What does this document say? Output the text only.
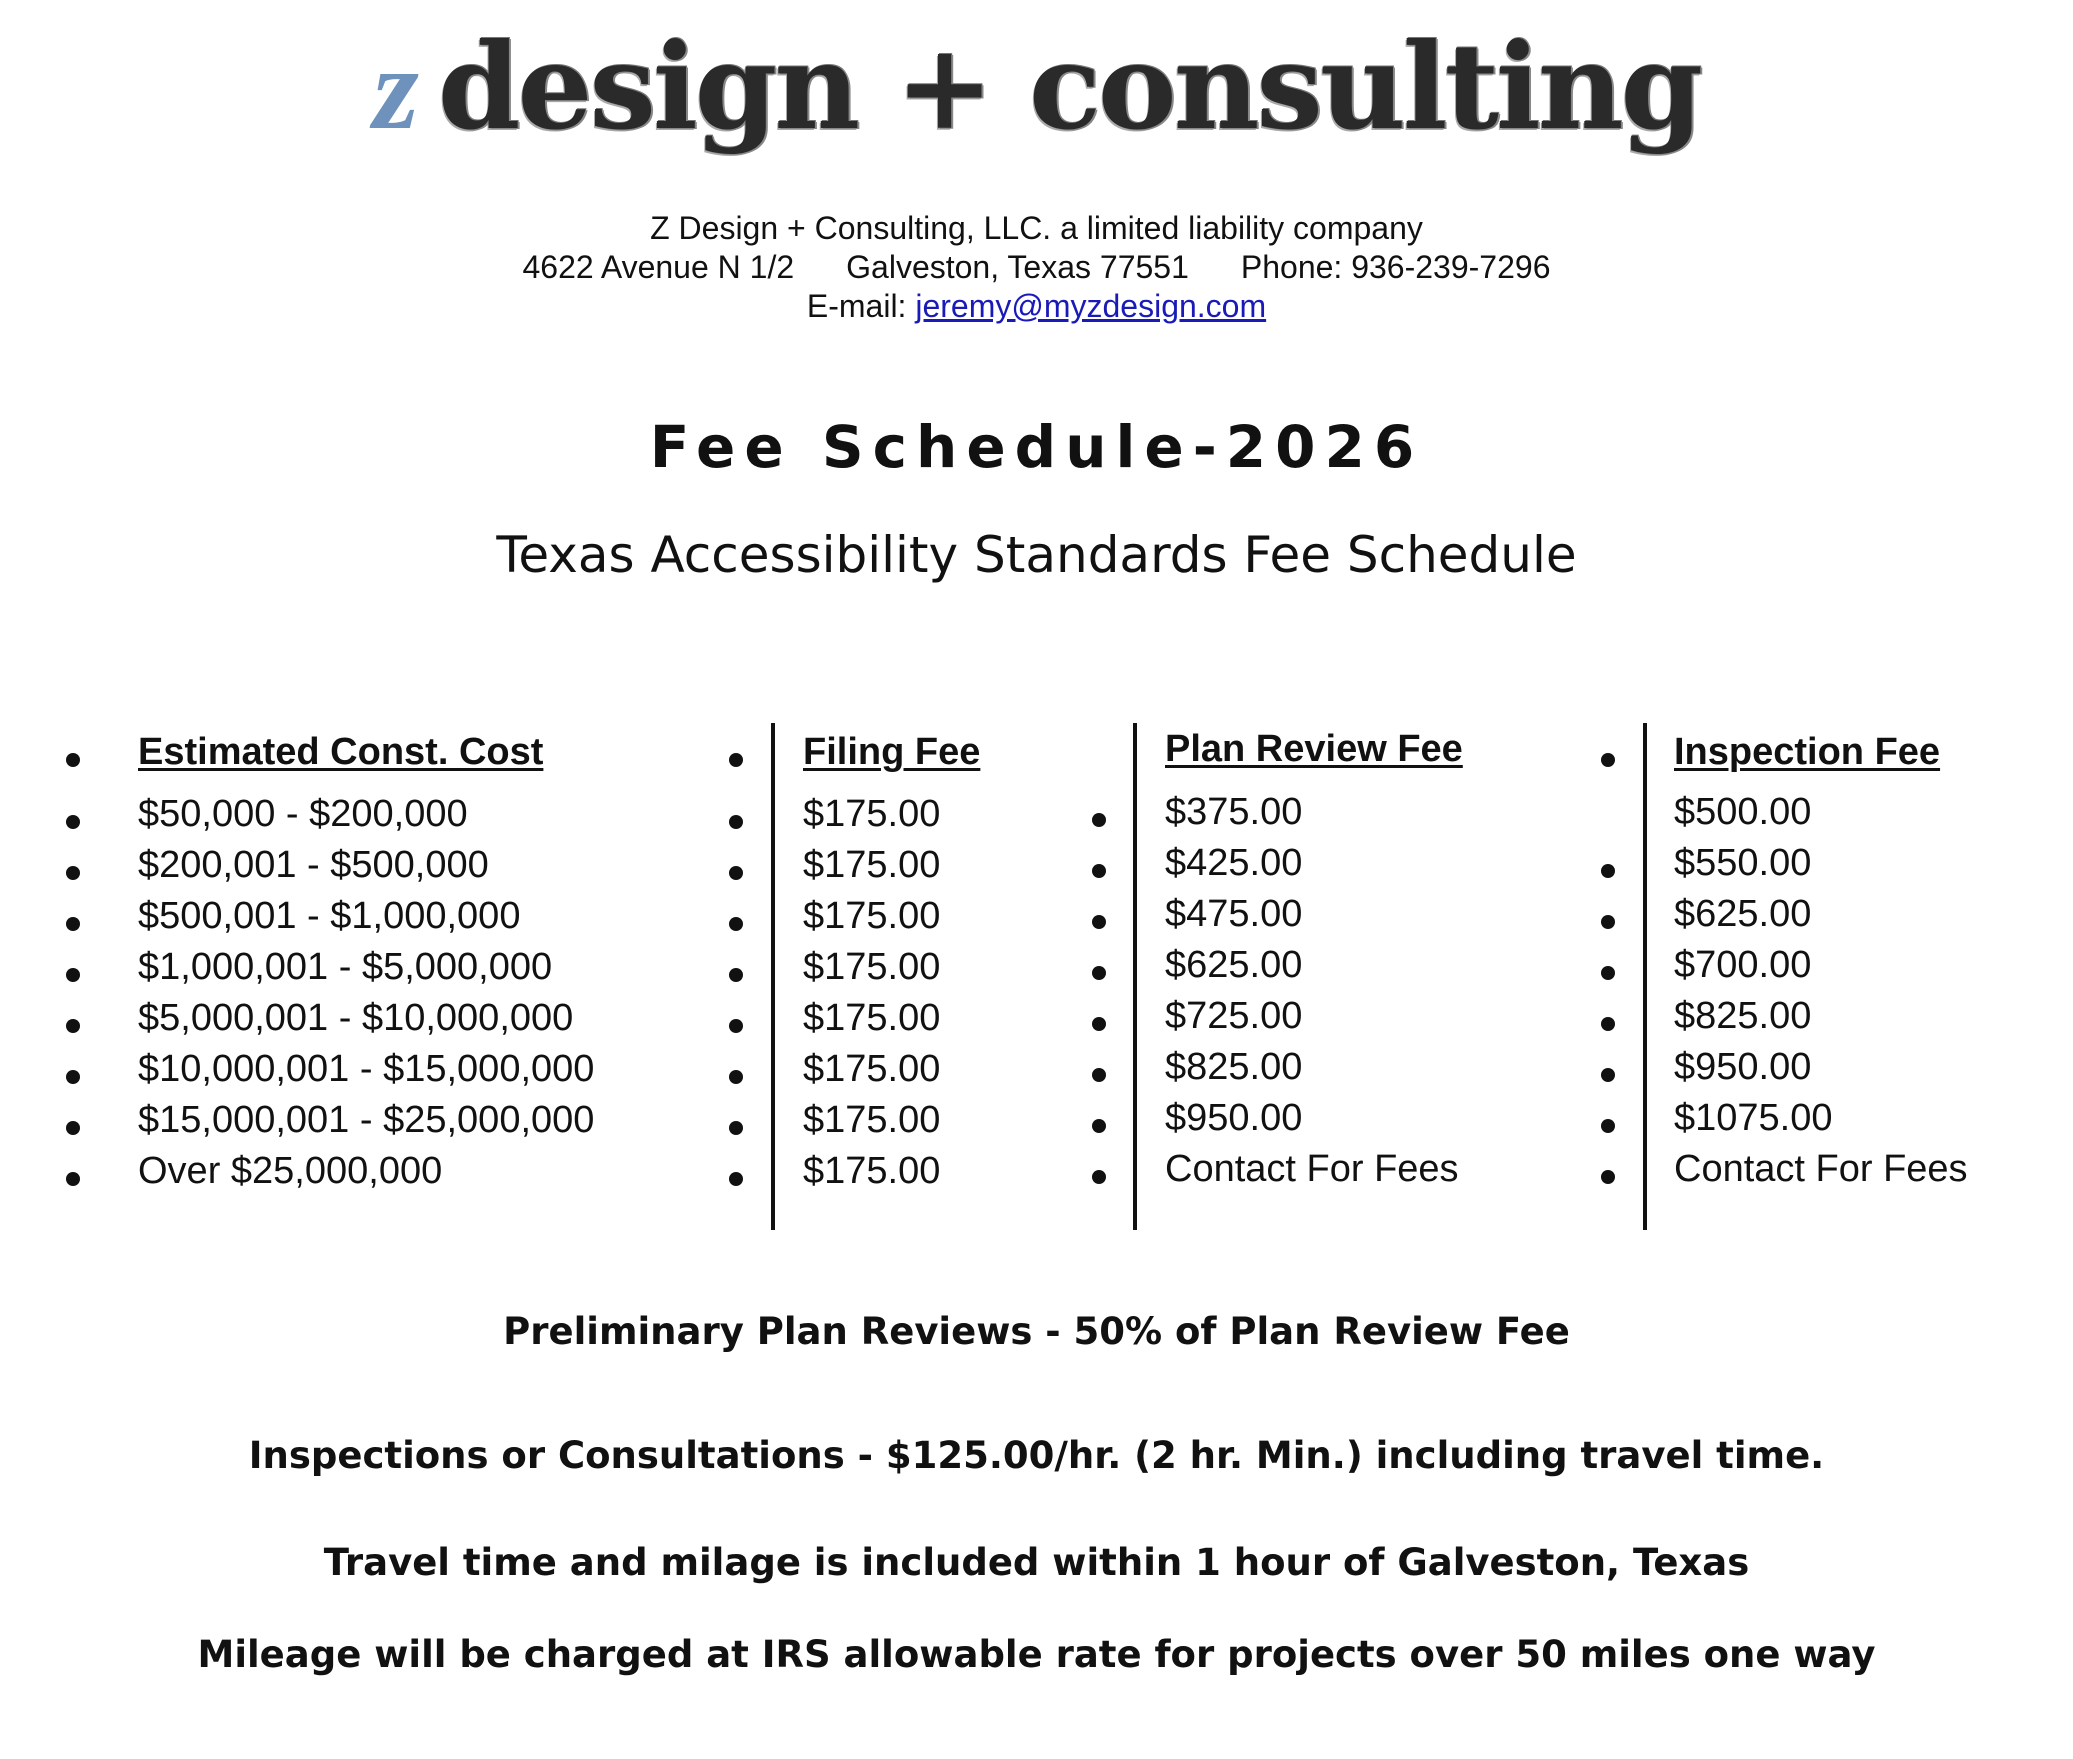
z design + consulting
Z Design + Consulting, LLC. a limited liability company
4622 Avenue N 1/2 Galveston, Texas 77551 Phone: 936-239-7296
E-mail: jeremy@myzdesign.com
Fee Schedule-2026
Texas Accessibility Standards Fee Schedule
Estimated Const. Cost
$50,000 - $200,000
$200,001 - $500,000
$500,001 - $1,000,000
$1,000,001 - $5,000,000
$5,000,001 - $10,000,000
$10,000,001 - $15,000,000
$15,000,001 - $25,000,000
Over $25,000,000
Filing Fee
$175.00
$175.00
$175.00
$175.00
$175.00
$175.00
$175.00
$175.00
Plan Review Fee
$375.00
$425.00
$475.00
$625.00
$725.00
$825.00
$950.00
Contact For Fees
Inspection Fee
$500.00
$550.00
$625.00
$700.00
$825.00
$950.00
$1075.00
Contact For Fees
Preliminary Plan Reviews - 50% of Plan Review Fee
Inspections or Consultations - $125.00/hr. (2 hr. Min.) including travel time.
Travel time and milage is included within 1 hour of Galveston, Texas
Mileage will be charged at IRS allowable rate for projects over 50 miles one way
